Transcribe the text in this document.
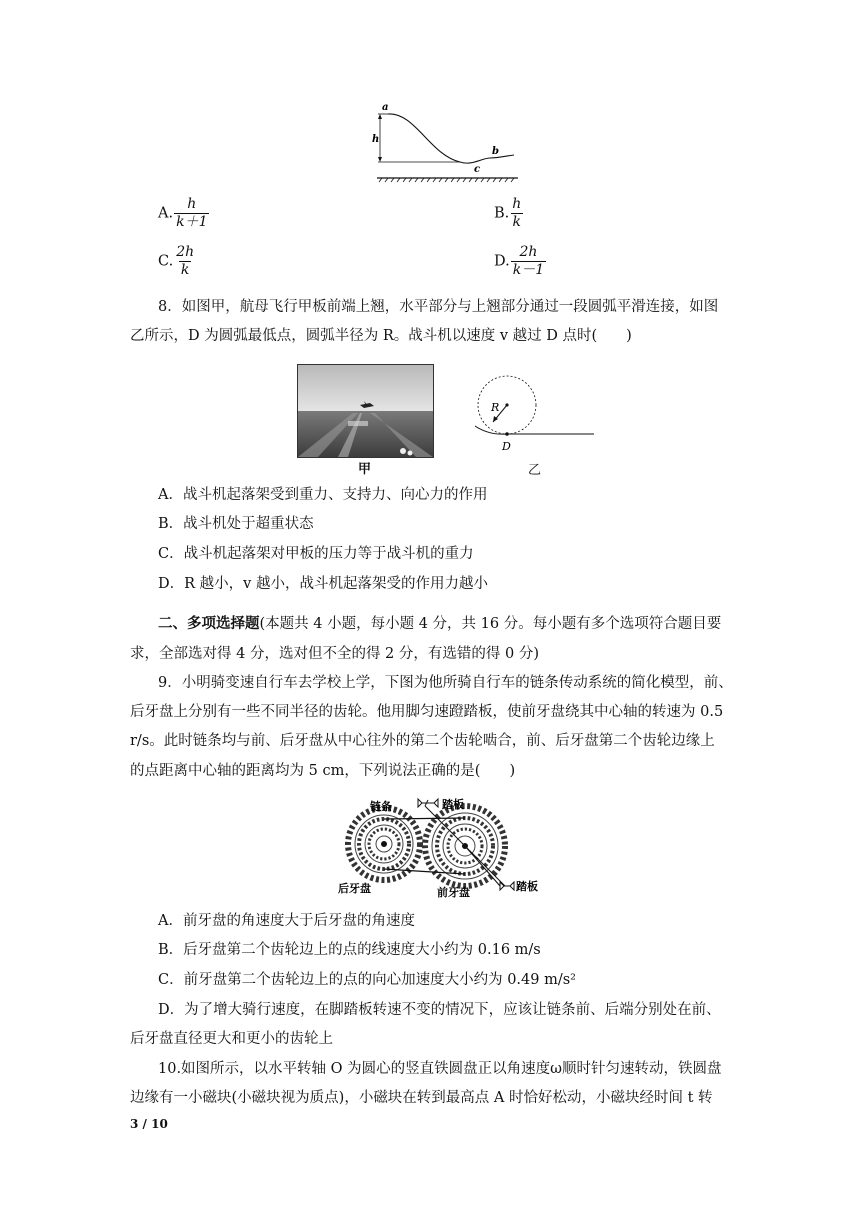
a
h
b
c
A. $\frac{h}{k+1}$	B. $\frac{h}{k}$
C. $\frac{2h}{k}$	D. $\frac{2h}{k-1}$
8．如图甲，航母飞行甲板前端上翘，水平部分与上翘部分通过一段圆弧平滑连接，如图
乙所示，D 为圆弧最低点，圆弧半径为 R。战斗机以速度 v 越过 D 点时(　　)
甲
R
D
乙
A．战斗机起落架受到重力、支持力、向心力的作用
B．战斗机处于超重状态
C．战斗机起落架对甲板的压力等于战斗机的重力
D．R 越小，v 越小，战斗机起落架受的作用力越小
二、多项选择题(本题共 4 小题，每小题 4 分，共 16 分。每小题有多个选项符合题目要
求，全部选对得 4 分，选对但不全的得 2 分，有选错的得 0 分)
9．小明骑变速自行车去学校上学，下图为他所骑自行车的链条传动系统的简化模型，前、
后牙盘上分别有一些不同半径的齿轮。他用脚匀速蹬踏板，使前牙盘绕其中心轴的转速为 0.5
r/s。此时链条均与前、后牙盘从中心往外的第二个齿轮啮合，前、后牙盘第二个齿轮边缘上
的点距离中心轴的距离均为 5 cm，下列说法正确的是(　　)
链条	踏板
后牙盘	前牙盘	踏板
A．前牙盘的角速度大于后牙盘的角速度
B．后牙盘第二个齿轮边上的点的线速度大小约为 0.16 m/s
C．前牙盘第二个齿轮边上的点的向心加速度大小约为 0.49 m/s²
D．为了增大骑行速度，在脚踏板转速不变的情况下，应该让链条前、后端分别处在前、
后牙盘直径更大和更小的齿轮上
10.如图所示，以水平转轴 O 为圆心的竖直铁圆盘正以角速度ω顺时针匀速转动，铁圆盘
边缘有一小磁块(小磁块视为质点)，小磁块在转到最高点 A 时恰好松动，小磁块经时间 t 转
3 / 10
